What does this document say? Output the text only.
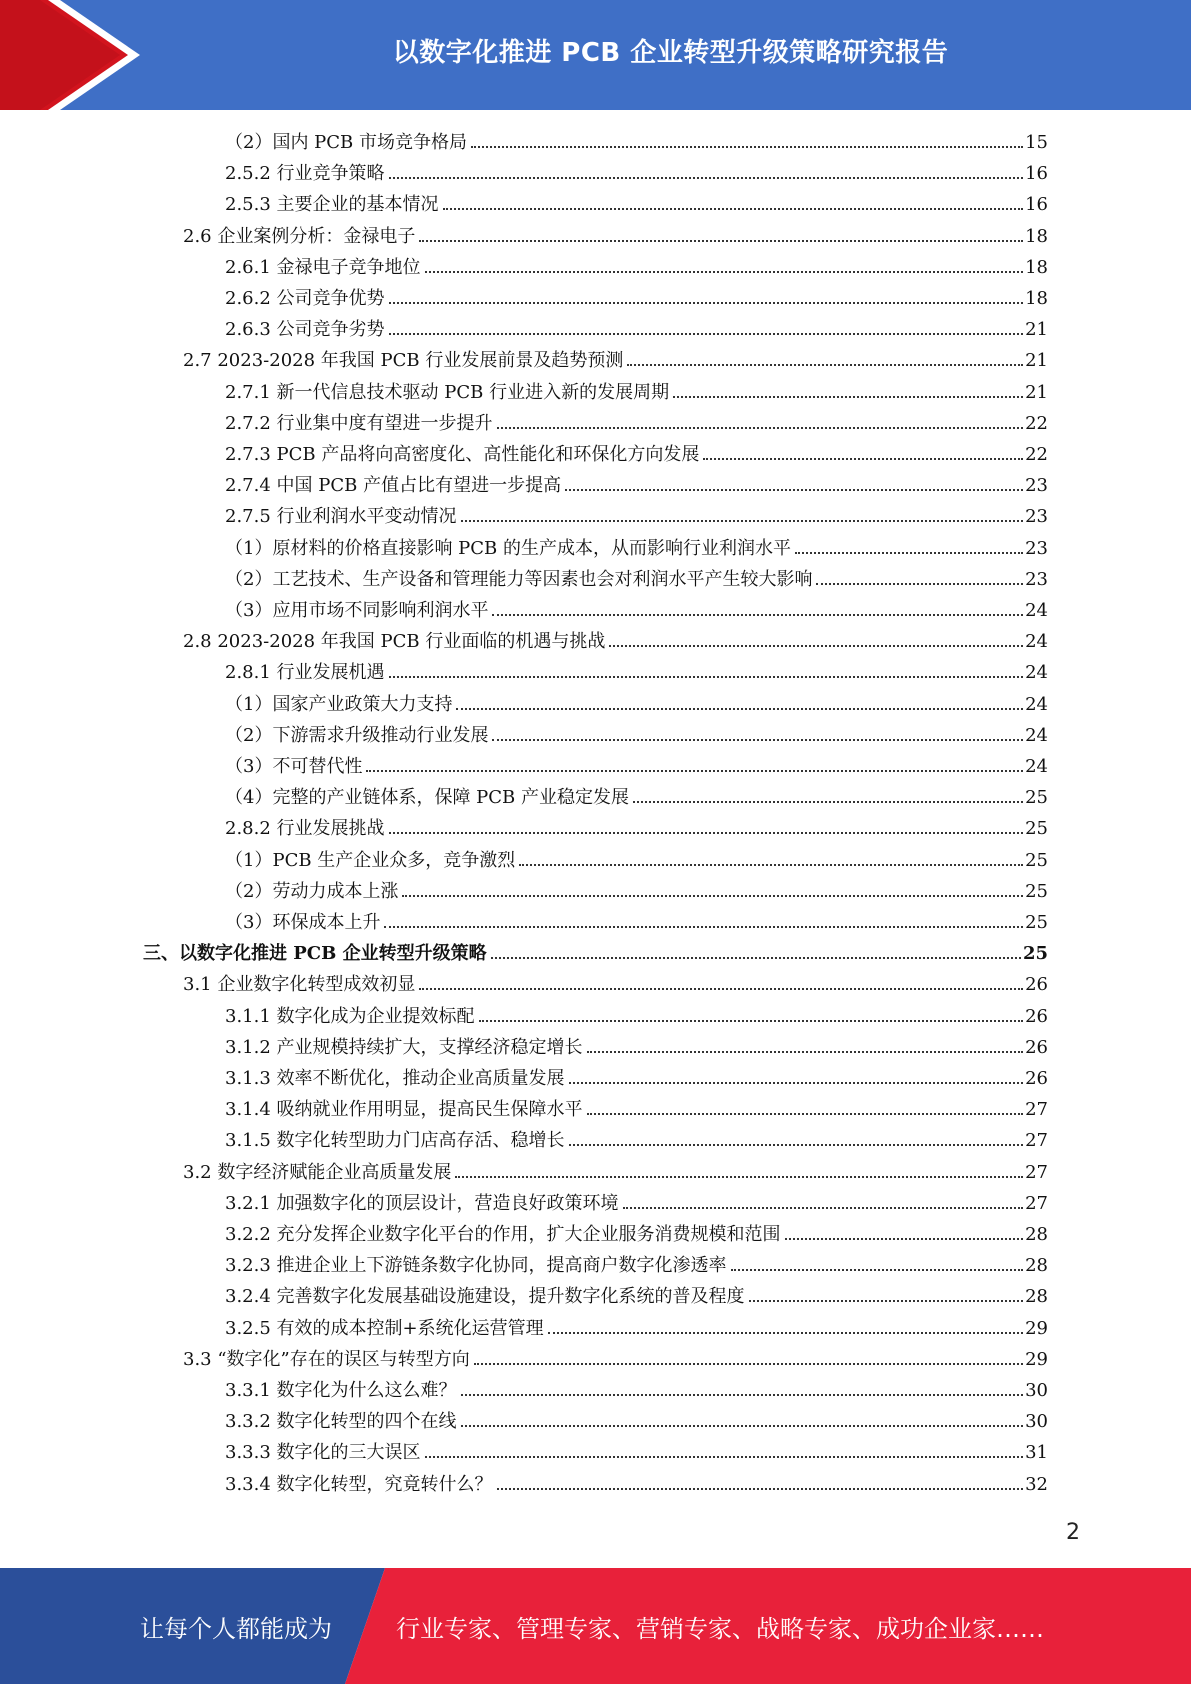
以数字化推进 PCB 企业转型升级策略研究报告
（2）国内 PCB 市场竞争格局	15
2.5.2 行业竞争策略	16
2.5.3 主要企业的基本情况	16
2.6 企业案例分析：金禄电子	18
2.6.1 金禄电子竞争地位	18
2.6.2 公司竞争优势	18
2.6.3 公司竞争劣势	21
2.7 2023-2028 年我国 PCB 行业发展前景及趋势预测	21
2.7.1 新一代信息技术驱动 PCB 行业进入新的发展周期	21
2.7.2 行业集中度有望进一步提升	22
2.7.3 PCB 产品将向高密度化、高性能化和环保化方向发展	22
2.7.4 中国 PCB 产值占比有望进一步提高	23
2.7.5 行业利润水平变动情况	23
（1）原材料的价格直接影响 PCB 的生产成本，从而影响行业利润水平	23
（2）工艺技术、生产设备和管理能力等因素也会对利润水平产生较大影响	23
（3）应用市场不同影响利润水平	24
2.8 2023-2028 年我国 PCB 行业面临的机遇与挑战	24
2.8.1 行业发展机遇	24
（1）国家产业政策大力支持	24
（2）下游需求升级推动行业发展	24
（3）不可替代性	24
（4）完整的产业链体系，保障 PCB 产业稳定发展	25
2.8.2 行业发展挑战	25
（1）PCB 生产企业众多，竞争激烈	25
（2）劳动力成本上涨	25
（3）环保成本上升	25
三、以数字化推进 PCB 企业转型升级策略	25
3.1 企业数字化转型成效初显	26
3.1.1 数字化成为企业提效标配	26
3.1.2 产业规模持续扩大，支撑经济稳定增长	26
3.1.3 效率不断优化，推动企业高质量发展	26
3.1.4 吸纳就业作用明显，提高民生保障水平	27
3.1.5 数字化转型助力门店高存活、稳增长	27
3.2 数字经济赋能企业高质量发展	27
3.2.1 加强数字化的顶层设计，营造良好政策环境	27
3.2.2 充分发挥企业数字化平台的作用，扩大企业服务消费规模和范围	28
3.2.3 推进企业上下游链条数字化协同，提高商户数字化渗透率	28
3.2.4 完善数字化发展基础设施建设，提升数字化系统的普及程度	28
3.2.5 有效的成本控制+系统化运营管理	29
3.3 “数字化”存在的误区与转型方向	29
3.3.1 数字化为什么这么难？	30
3.3.2 数字化转型的四个在线	30
3.3.3 数字化的三大误区	31
3.3.4 数字化转型，究竟转什么？	32
2
让每个人都能成为	行业专家、管理专家、营销专家、战略专家、成功企业家……
